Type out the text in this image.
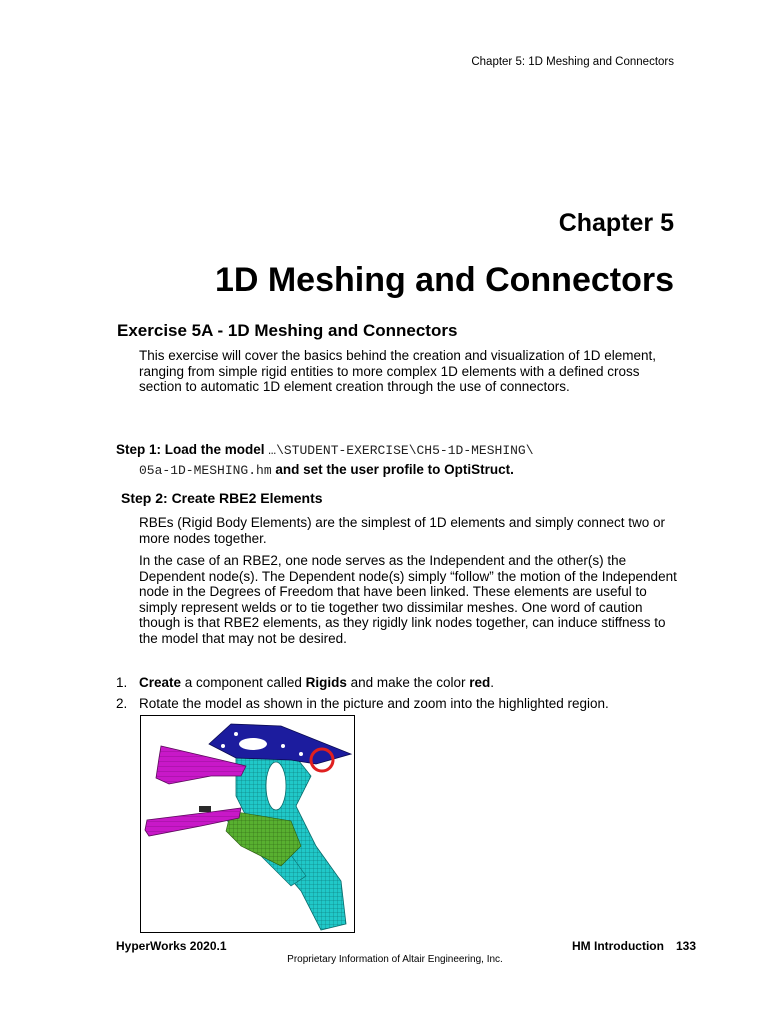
Chapter 5: 1D Meshing and Connectors
Chapter 5
1D Meshing and Connectors
Exercise 5A - 1D Meshing and Connectors
This exercise will cover the basics behind the creation and visualization of 1D element, ranging from simple rigid entities to more complex 1D elements with a defined cross section to automatic 1D element creation through the use of connectors.
Step 1: Load the model …\STUDENT-EXERCISE\CH5-1D-MESHING\
05a-1D-MESHING.hm and set the user profile to OptiStruct.
Step 2: Create RBE2 Elements
RBEs (Rigid Body Elements) are the simplest of 1D elements and simply connect two or more nodes together.
In the case of an RBE2, one node serves as the Independent and the other(s) the Dependent node(s). The Dependent node(s) simply “follow” the motion of the Independent node in the Degrees of Freedom that have been linked. These elements are useful to simply represent welds or to tie together two dissimilar meshes. One word of caution though is that RBE2 elements, as they rigidly link nodes together, can induce stiffness to the model that may not be desired.
1. Create a component called Rigids and make the color red.
2. Rotate the model as shown in the picture and zoom into the highlighted region.
HyperWorks 2020.1	HM Introduction 133
Proprietary Information of Altair Engineering, Inc.
